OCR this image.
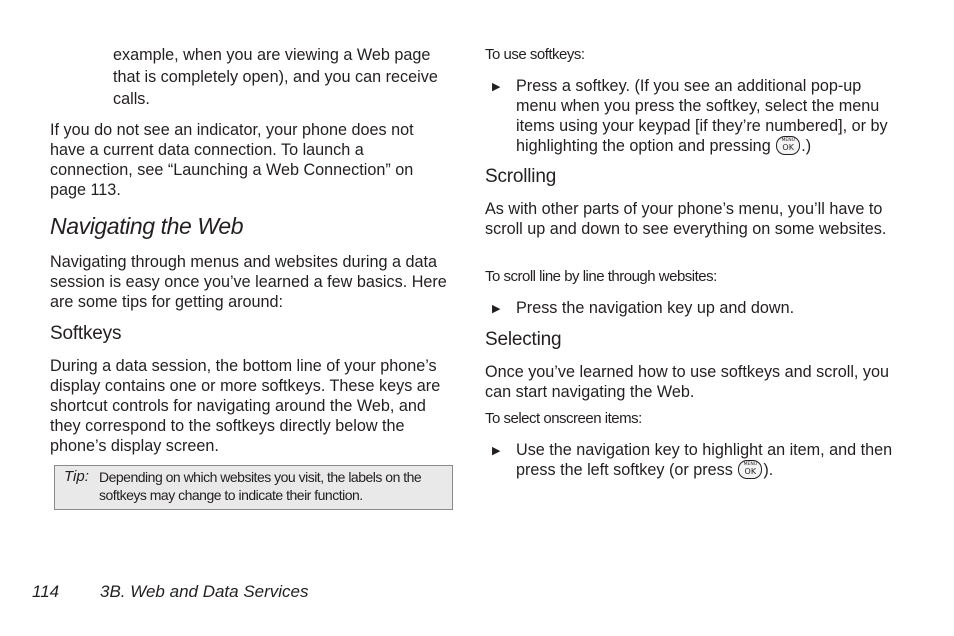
example, when you are viewing a Web page that is completely open), and you can receive calls.

If you do not see an indicator, your phone does not have a current data connection. To launch a connection, see “Launching a Web Connection” on page 113.

Navigating the Web

Navigating through menus and websites during a data session is easy once you’ve learned a few basics. Here are some tips for getting around:

Softkeys

During a data session, the bottom line of your phone’s display contains one or more softkeys. These keys are shortcut controls for navigating around the Web, and they correspond to the softkeys directly below the phone’s display screen.

Tip: Depending on which websites you visit, the labels on the softkeys may change to indicate their function.
To use softkeys:
▶ Press a softkey. (If you see an additional pop-up menu when you press the softkey, select the menu items using your keypad [if they’re numbered], or by highlighting the option and pressing	MENU
OK .)

Scrolling

As with other parts of your phone’s menu, you’ll have to scroll up and down to see everything on some websites.

To scroll line by line through websites:
▶ Press the navigation key up and down.

Selecting

Once you’ve learned how to use softkeys and scroll, you can start navigating the Web.

To select onscreen items:
▶ Use the navigation key to highlight an item, and then press the left softkey (or press	MENU
OK ).

114 3B. Web and Data Services
